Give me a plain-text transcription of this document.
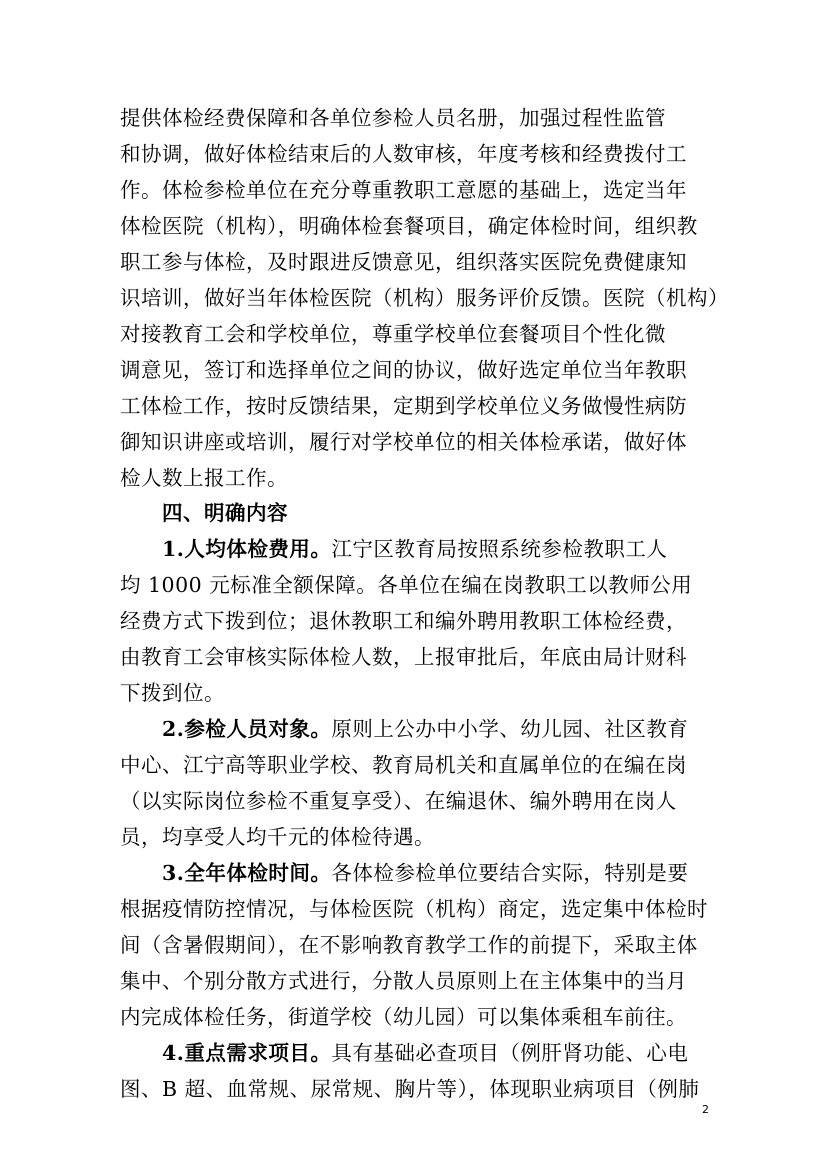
提供体检经费保障和各单位参检人员名册，加强过程性监管
和协调，做好体检结束后的人数审核，年度考核和经费拨付工
作。体检参检单位在充分尊重教职工意愿的基础上，选定当年
体检医院（机构），明确体检套餐项目，确定体检时间，组织教
职工参与体检，及时跟进反馈意见，组织落实医院免费健康知
识培训，做好当年体检医院（机构）服务评价反馈。医院（机构）
对接教育工会和学校单位，尊重学校单位套餐项目个性化微
调意见，签订和选择单位之间的协议，做好选定单位当年教职
工体检工作，按时反馈结果，定期到学校单位义务做慢性病防
御知识讲座或培训，履行对学校单位的相关体检承诺，做好体
检人数上报工作。
四、明确内容
1.人均体检费用。江宁区教育局按照系统参检教职工人
均 1000 元标准全额保障。各单位在编在岗教职工以教师公用
经费方式下拨到位；退休教职工和编外聘用教职工体检经费，
由教育工会审核实际体检人数，上报审批后，年底由局计财科
下拨到位。
2.参检人员对象。原则上公办中小学、幼儿园、社区教育
中心、江宁高等职业学校、教育局机关和直属单位的在编在岗
（以实际岗位参检不重复享受）、在编退休、编外聘用在岗人
员，均享受人均千元的体检待遇。
3.全年体检时间。各体检参检单位要结合实际，特别是要
根据疫情防控情况，与体检医院（机构）商定，选定集中体检时
间（含暑假期间），在不影响教育教学工作的前提下，采取主体
集中、个别分散方式进行，分散人员原则上在主体集中的当月
内完成体检任务，街道学校（幼儿园）可以集体乘租车前往。
4.重点需求项目。具有基础必查项目（例肝肾功能、心电
图、B 超、血常规、尿常规、胸片等），体现职业病项目（例肺
2
